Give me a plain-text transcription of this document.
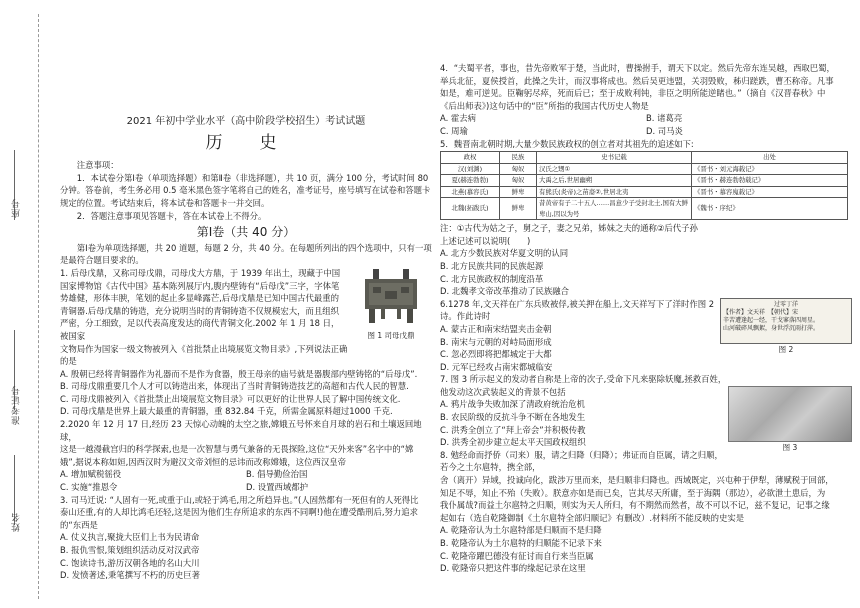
座号
准考证号
姓名
2021 年初中学业水平（高中阶段学校招生）考试试题
历　史

注意事项：

1．本试卷分第Ⅰ卷（单项选择题）和第Ⅱ卷（非选择题），共 10 页，满分 100 分，考试时间 80 分钟。答卷前，考生务必用 0.5 毫米黑色签字笔将自己的姓名，准考证号，座号填写在试卷和答题卡规定的位置。考试结束后，将本试卷和答题卡一并交回。

2．答题注意事项见答题卡，答在本试卷上不得分。

第Ⅰ卷（共 40 分）

第Ⅰ卷为单项选择题，共 20 道题，每题 2 分，共 40 分。在每题所列出的四个选项中，只有一项是最符合题目要求的。

图 1 司母戊鼎

1. 后母戊鼎，又称司母戊鼎，司母戊大方鼎，于 1939 年出土，现藏于中国

国家博物馆《古代中国》基本陈列展厅内,腹内壁铸有“后母戊”三字，字体笔

势雄健，形体丰腴，笔划的起止多显峰露芒,后母戊鼎是已知中国古代最重的

青铜器.后母戊鼎的铸造，充分说明当时的青铜铸造不仅规模宏大，而且组织

严密，分工细致，足以代表高度发达的商代青铜文化.2002 年 1 月 18 日，被国家

文物局作为国家一级文物被列入《首批禁止出境展览文物目录》,下列说法正确

的是

A. 殷朝已经将青铜器作为礼器而不是作为食器，殷王母亲的庙号就是器腹部内壁铸铭的“后母戊”.

B. 司母戊鼎重要几个人才可以铸造出来，体现出了当时青铜铸造技艺的高超和古代人民的智慧.

C. 司母戊鼎被列入《首批禁止出境展览文物目录》可以更好的让世界人民了解中国传统文化.

D. 司母戊鼎是世界上最大最重的青铜器，重 832.84 千克，所需金属原料超过1000 千克.

2.2020 年 12 月 17 日,经历 23 天惊心动魄的太空之旅,嫦娥五号怀来自月球的岩石和土壤返回地球，

这是一越漫截宫归的科学探索,也是一次智慧与勇气兼备的无畏探险,这位“天外来客”名字中的“嫦

娥”,据说本称如姮,因西汉时为避汉文帝刘恒的忌讳而改称嫦娥，这位西汉皇帝

A. 增加赋税徭役	B. 倡导勤俭治国
C. 实施“推恩令	D. 设置西域都护

3. 司马迁说: “人固有一死,或重于山,或轻于鸿毛,用之所趋异也。”(人固然都有一死但有的人死得比

泰山还重,有的人却比鸿毛还轻,这是因为他们生存所追求的东西不同啊!)他在遭受酷刑后,努力追求

的“东西是

A. 仗义执言,聚拢大臣们上书为民请命

B. 报仇雪恨,策划组织活动反对汉武帝

C. 饱读诗书,游历汉朝各地的名山大川

D. 发愤著述,秉笔撰写不朽的历史巨著

4．“夫蜀平者，事也，昔先帝败军于楚，当此时，曹操拊手，谓天下以定。然后先帝东连吴越，西取巴蜀，

举兵北征，夏侯授首，此操之失计，而汉事将成也。然后吴更违盟，关羽毁败，秭归蹉跌，曹丕称帝。凡事

如是，难可逆见。臣鞠躬尽瘁，死而后已；至于成败利钝，非臣之明所能逆睹也。”（摘自《汉晋春秋》中

《后出师表》)这句话中的“臣”所指的我国古代历史人物是

A. 霍去病	B. 诸葛亮
C. 周瑜	D. 司马炎

5．魏晋南北朝时期,大量少数民族政权的创立者对其祖先的追述如下:

政权	民族	史书记载	出处
汉(刘渊)	匈奴	汉氏之甥①	《晋书・刘元海载记》
夏(赫连勃勃)	匈奴	大禹之后,世居幽朔	《晋书・赫连勃勃载记》
北燕(慕容氏)	鲜卑	有熊氏(炎帝)之苗裔②,世居北夷	《晋书・慕容廆载记》
北魏(拓跋氏)	鲜卑	昔黄帝有子二十五人……昌意少子受封北土,国有大鲜卑山,因以为号	《魏书・序纪》

注：①古代为姑之子，舅之子，妻之兄弟，姊妹之夫的通称②后代子孙

上述记述可以说明(　　)

A. 北方少数民族对华夏文明的认同

B. 北方民族共同的民族起源

C. 北方民族政权的制度沿革

D. 北魏孝文帝改革推动了民族融合

过零丁洋
【作者】文天祥　【朝代】宋
辛苦遭逢起一经，干戈寥落四周星。
山河破碎风飘絮，身世浮沉雨打萍。
图 2

6.1278 年,文天祥在广东兵败被俘,被关押在船上,文天祥写下了洋时作图 2

诗。作此诗时

A. 蒙古正和南宋结盟夹击金朝

B. 南宋与元朝的对峙局面形成

C. 忽必烈即将把都城定于大都

D. 元军已经攻占南宋都城临安

7. 图 3 所示起义的发动者自称是上帝的次子,受命下凡来驱除妖魔,拯救百姓，

图 3

他发动这次武装起义的背景不包括

A. 鸦片战争失败加深了清政府统治危机

B. 农民阶级的反抗斗争不断在各地发生

C. 洪秀全创立了“拜上帝会”并积极传教

D. 洪秀全初步建立起太平天国政权组织

8. 勉经命而抒侨（司来）服，请之归降（归降）；弗证而自臣属，请之归顺，若今之土尔扈特，携全部，

舍（离开）异域，投诚向化，跋涉万里而来，是归顺非归降也。西域既定，兴屯种于伊犁，薄赋税于回部，

知足不辱，知止不殆（失败）。朕意亦如是而已矣，岂其尽天所庸，至于海隅（那边），必欲泄土患后，为

我仆属哉?而益土尔扈特之归顺，则实为天人所归，有不期然而然者，故不可以不记，兹不复记，记事之缘

起如右（选自乾隆御制《土尔扈特全部归顺记》有删改）.材料所不能反映的史实是

A. 乾隆帝认为土尔扈特部是归顺而不是归降

B. 乾隆帝认为土尔扈特的归顺能不记录下来

C. 乾隆帝躍巴德没有征讨而自行来当臣属

D. 乾隆帝只把这件事的缘起记录在这里
